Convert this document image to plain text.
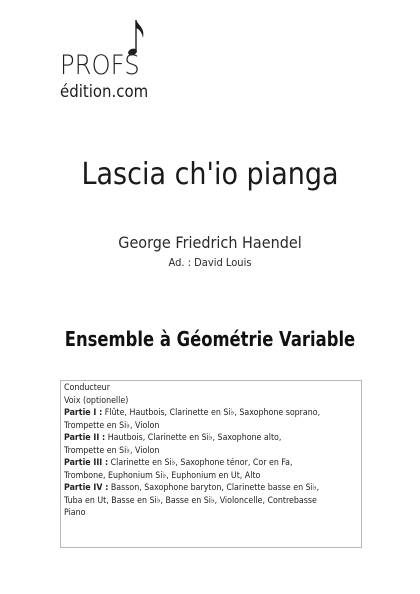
PROFS
édition.com
Lascia ch'io pianga
George Friedrich Haendel
Ad. : David Louis
Ensemble à Géométrie Variable
Conducteur
Voix (optionelle)
Partie I : Flûte, Hautbois, Clarinette en Si♭, Saxophone soprano,
Trompette en Si♭, Violon
Partie II : Hautbois, Clarinette en Si♭, Saxophone alto,
Trompette en Si♭, Violon
Partie III : Clarinette en Si♭, Saxophone ténor, Cor en Fa,
Trombone, Euphonium Si♭, Euphonium en Ut, Alto
Partie IV : Basson, Saxophone baryton, Clarinette basse en Si♭,
Tuba en Ut, Basse en Si♭, Basse en Si♭, Violoncelle, Contrebasse
Piano
